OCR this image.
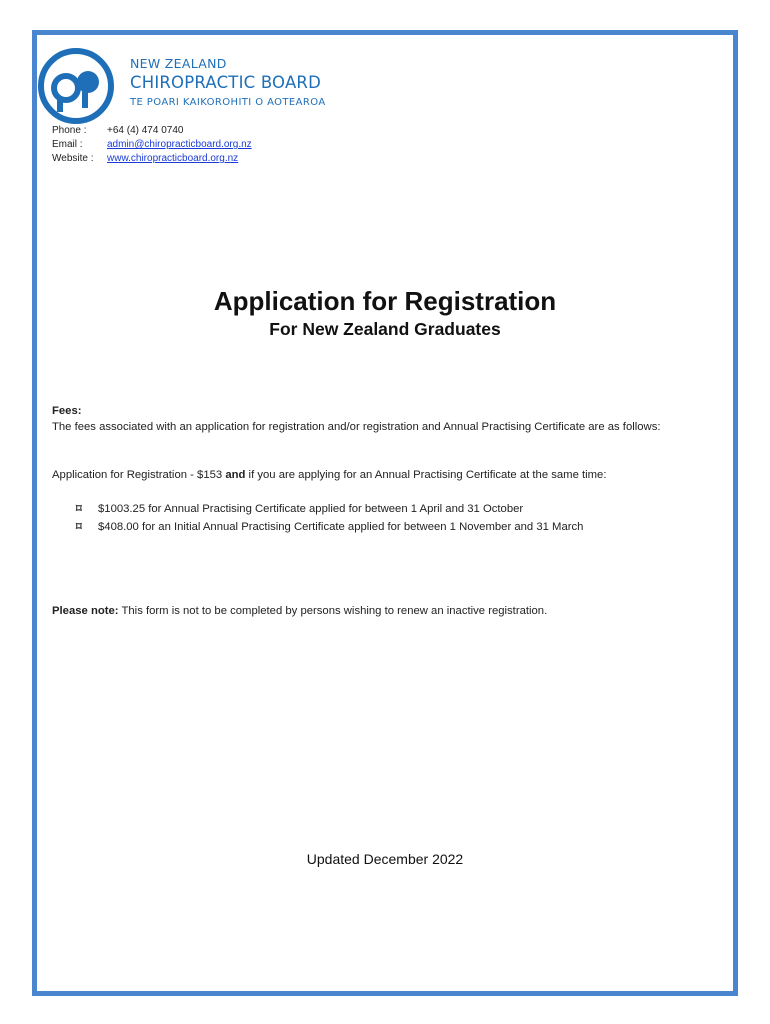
NEW ZEALAND
CHIROPRACTIC BOARD
TE POARI KAIKOROHITI O AOTEAROA
Phone :	+64 (4) 474 0740
Email :	admin@chiropracticboard.org.nz
Website :	www.chiropracticboard.org.nz
Application for Registration
For New Zealand Graduates
Fees:
The fees associated with an application for registration and/or registration and Annual Practising Certificate are as follows:
Application for Registration - $153 and if you are applying for an Annual Practising Certificate at the same time:
⌑	$1003.25 for Annual Practising Certificate applied for between 1 April and 31 October
⌑	$408.00 for an Initial Annual Practising Certificate applied for between 1 November and 31 March
Please note: This form is not to be completed by persons wishing to renew an inactive registration.
Updated December 2022
